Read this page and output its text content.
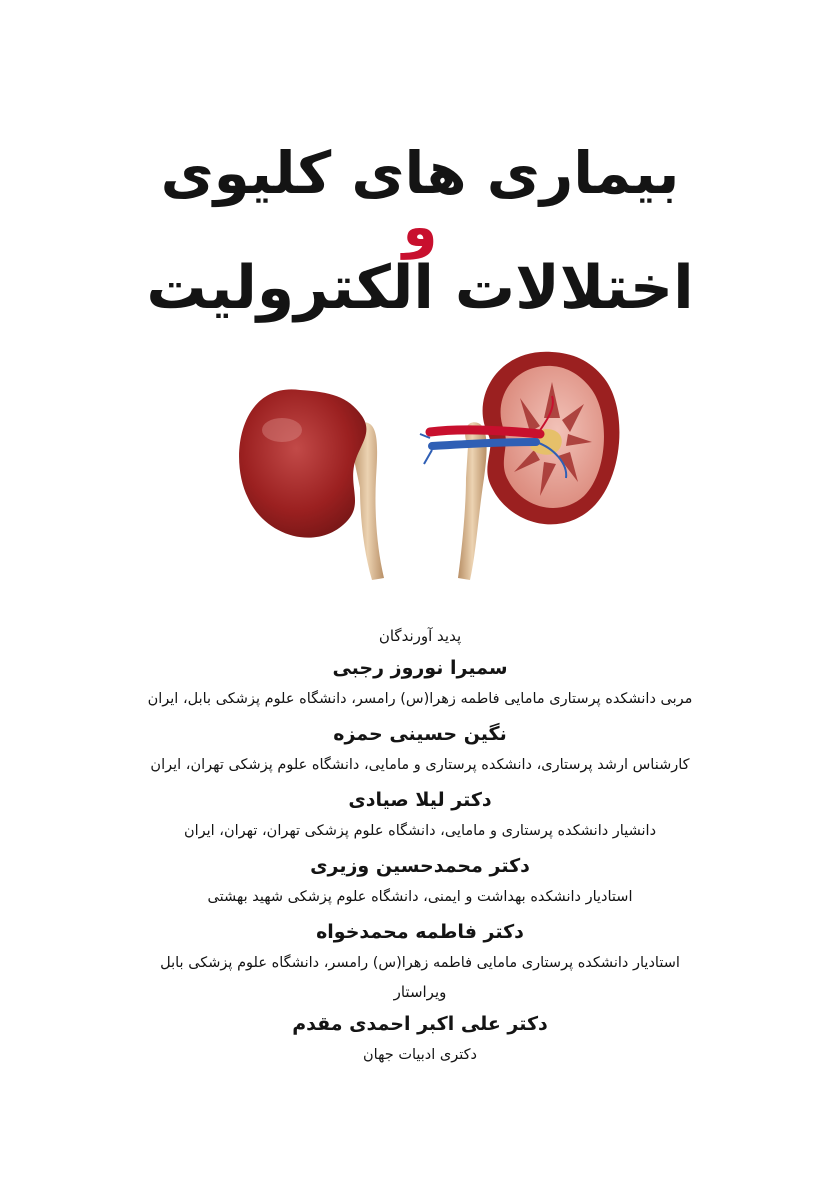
بیماری های کلیوی
و
اختلالات الکترولیت
پدید آورندگان
سمیرا نوروز رجبی
مربی دانشکده پرستاری مامایی فاطمه زهرا(س) رامسر، دانشگاه علوم پزشکی بابل، ایران
نگین حسینی حمزه
کارشناس ارشد پرستاری، دانشکده پرستاری و مامایی، دانشگاه علوم پزشکی تهران، ایران
دکتر لیلا صیادی
دانشیار دانشکده پرستاری و مامایی، دانشگاه علوم پزشکی تهران، تهران، ایران
دکتر محمدحسین وزیری
استادیار دانشکده بهداشت و ایمنی، دانشگاه علوم پزشکی شهید بهشتی
دکتر فاطمه محمدخواه
استادیار دانشکده پرستاری مامایی فاطمه زهرا(س) رامسر، دانشگاه علوم پزشکی بابل
ویراستار
دکتر علی اکبر احمدی مقدم
دکتری ادبیات جهان
